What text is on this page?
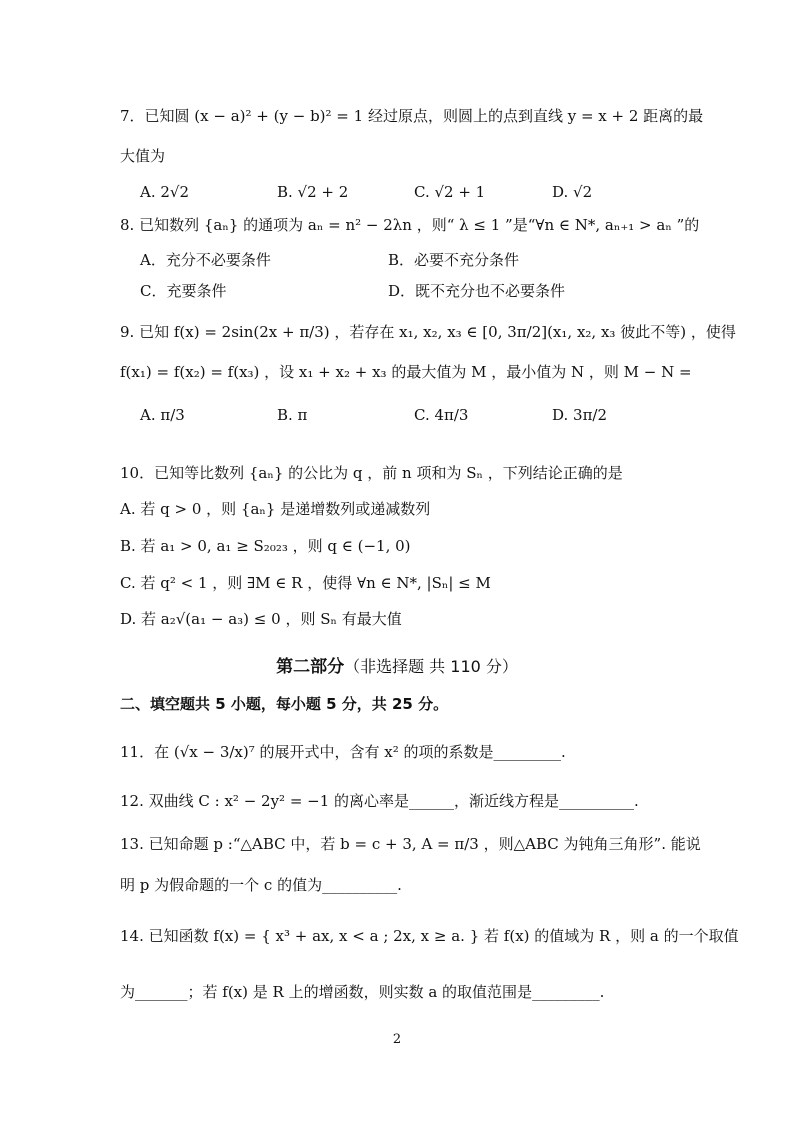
7．已知圆 (x − a)² + (y − b)² = 1 经过原点，则圆上的点到直线 y = x + 2 距离的最
大值为
A. 2√2	B. √2 + 2	C. √2 + 1	D. √2
8. 已知数列 {aₙ} 的通项为 aₙ = n² − 2λn ，则“ λ ≤ 1 ”是“∀n ∈ N*, aₙ₊₁ > aₙ ”的
A．充分不必要条件	B．必要不充分条件
C．充要条件	D．既不充分也不必要条件
9. 已知 f(x) = 2sin(2x + π/3) ，若存在 x₁, x₂, x₃ ∈ [0, 3π/2](x₁, x₂, x₃ 彼此不等) ，使得
f(x₁) = f(x₂) = f(x₃) ，设 x₁ + x₂ + x₃ 的最大值为 M ，最小值为 N ，则 M − N =
A. π/3	B. π	C. 4π/3	D. 3π/2
10．已知等比数列 {aₙ} 的公比为 q ，前 n 项和为 Sₙ ，下列结论正确的是
A. 若 q > 0 ，则 {aₙ} 是递增数列或递减数列
B. 若 a₁ > 0, a₁ ≥ S₂₀₂₃ ，则 q ∈ (−1, 0)
C. 若 q² < 1 ，则 ∃M ∈ R ，使得 ∀n ∈ N*, |Sₙ| ≤ M
D. 若 a₂√(a₁ − a₃) ≤ 0 ，则 Sₙ 有最大值
第二部分（非选择题 共 110 分）
二、填空题共 5 小题，每小题 5 分，共 25 分。
11．在 (√x − 3/x)⁷ 的展开式中，含有 x² 的项的系数是_________.
12. 双曲线 C : x² − 2y² = −1 的离心率是______，渐近线方程是__________.
13. 已知命题 p :“△ABC 中，若 b = c + 3, A = π/3 ，则△ABC 为钝角三角形”. 能说
明 p 为假命题的一个 c 的值为__________.
14. 已知函数 f(x) = { x³ + ax, x < a ; 2x, x ≥ a. } 若 f(x) 的值域为 R ，则 a 的一个取值
为_______；若 f(x) 是 R 上的增函数，则实数 a 的取值范围是_________.
2
